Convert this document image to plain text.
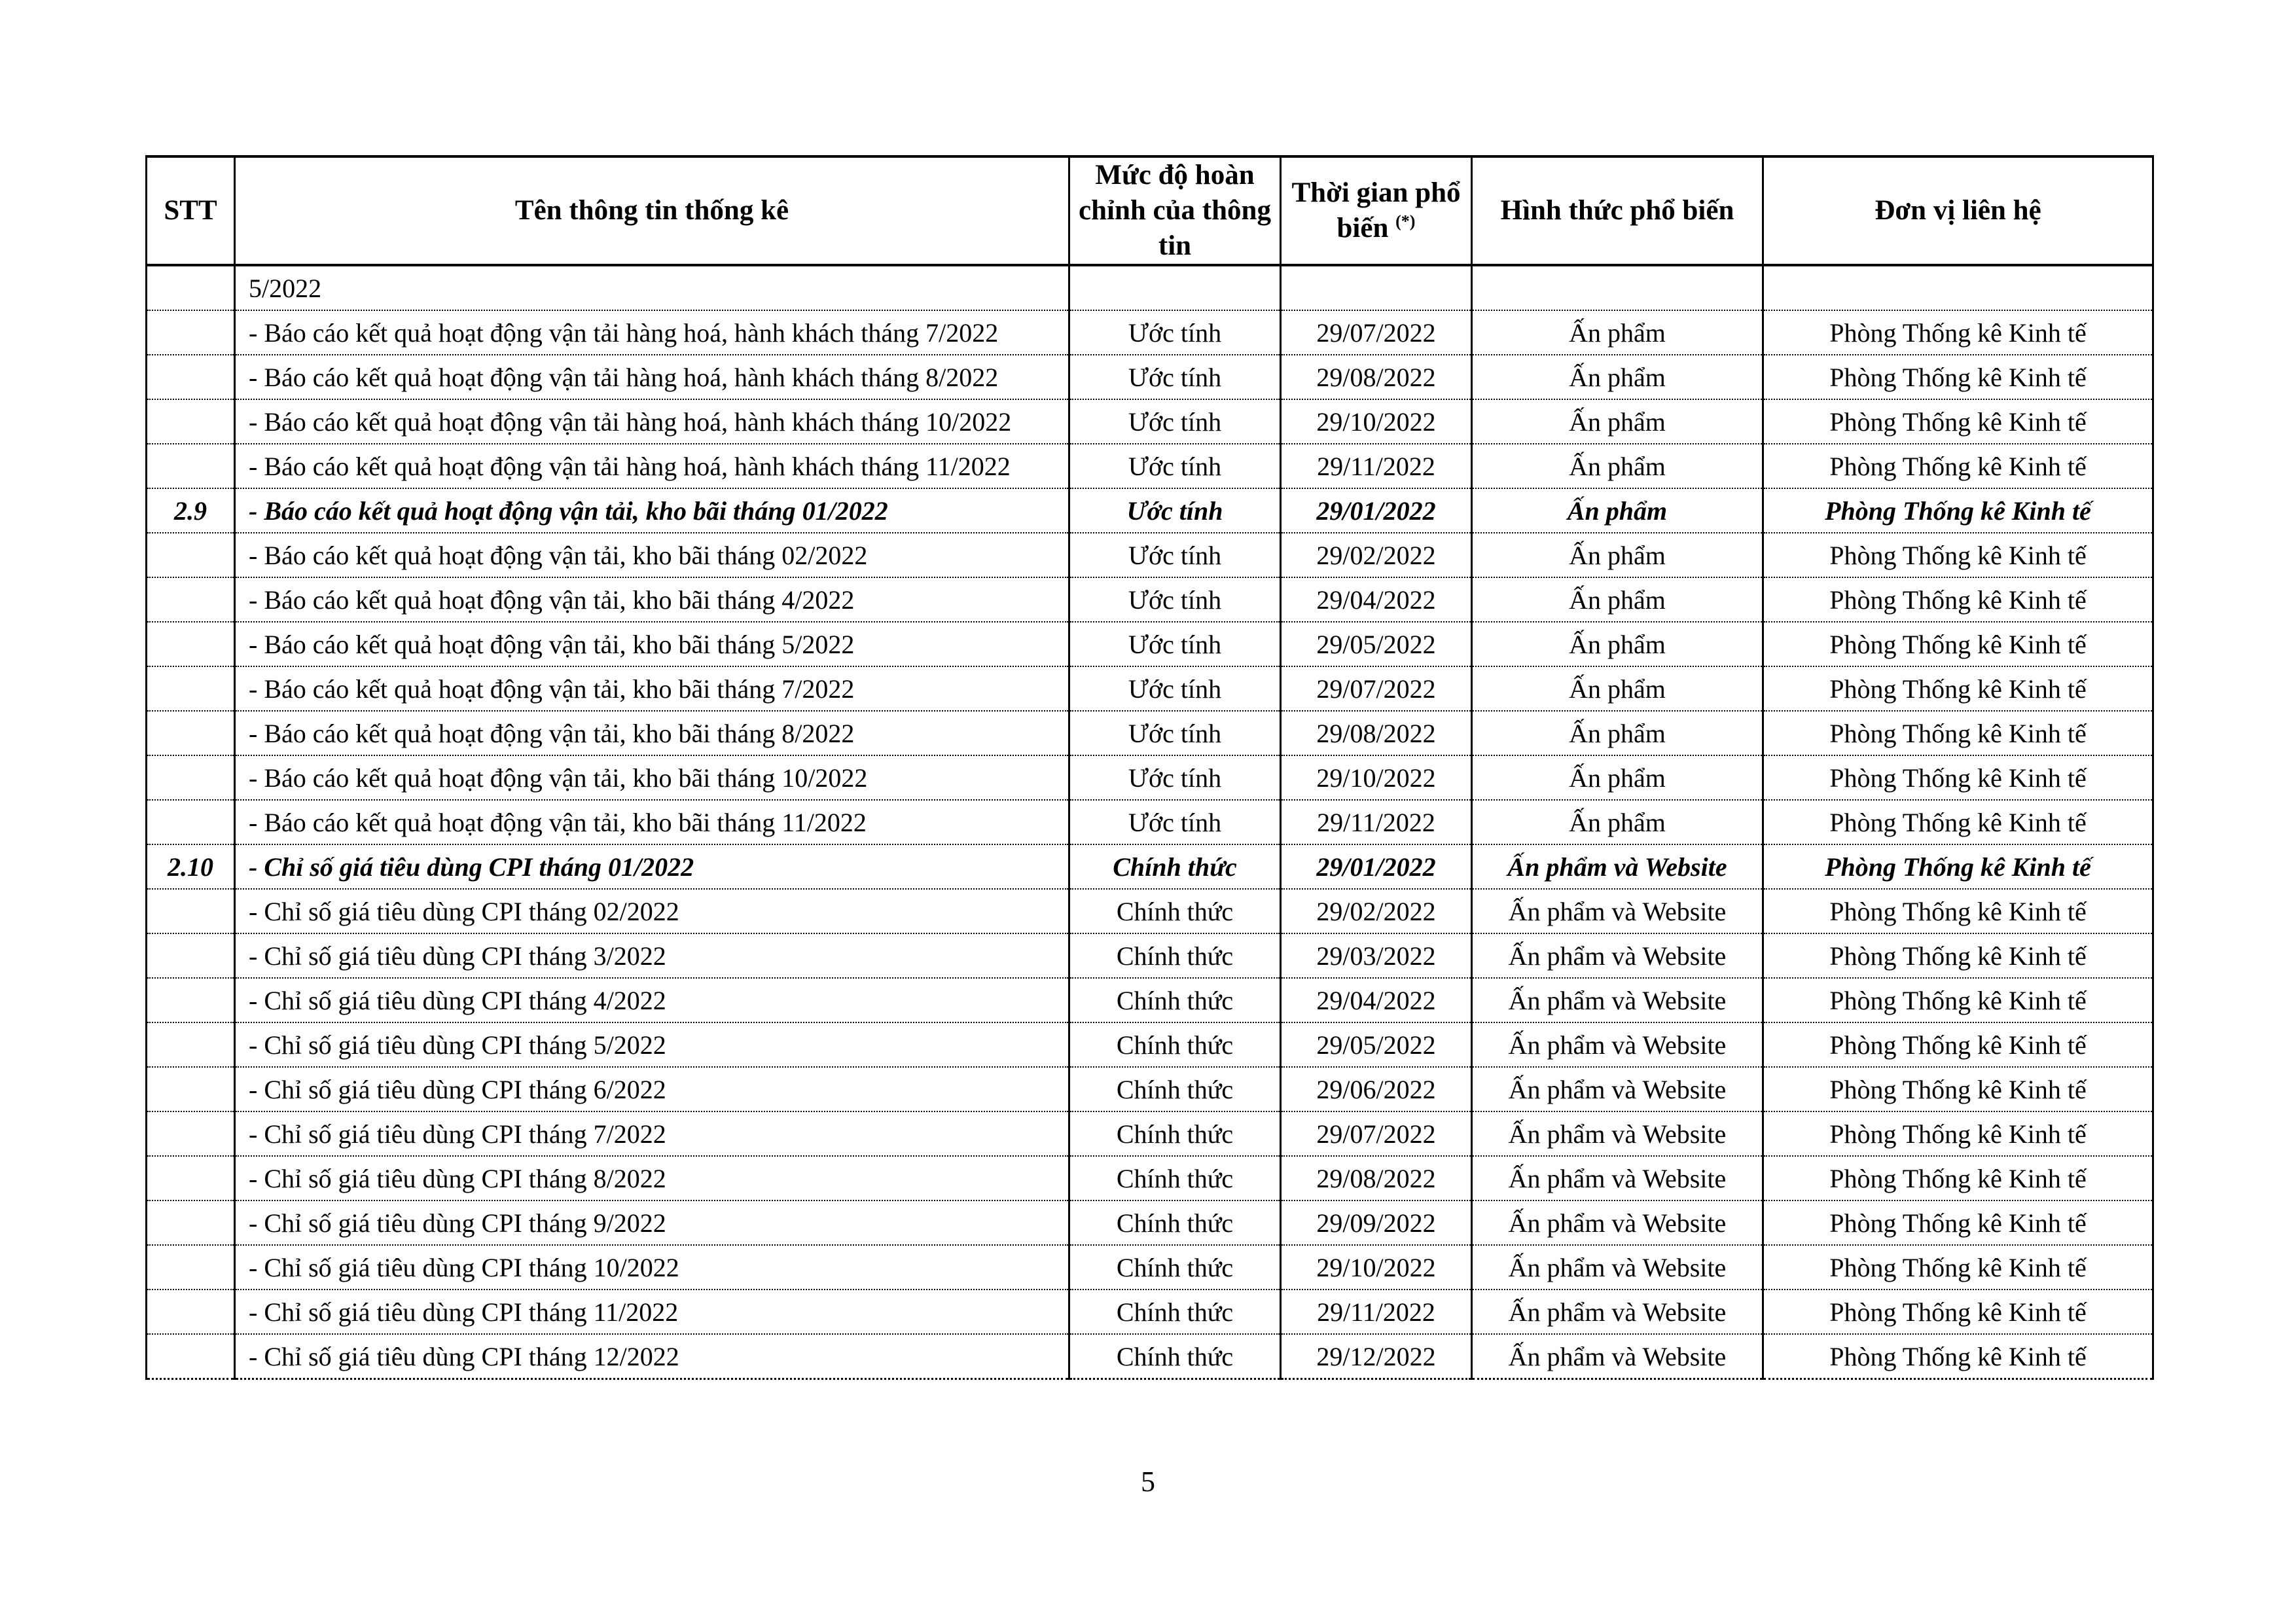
STT	Tên thông tin thống kê	Mức độ hoàn chỉnh của thông tin	Thời gian phổ biến (*)	Hình thức phổ biến	Đơn vị liên hệ
	5/2022				
	- Báo cáo kết quả hoạt động vận tải hàng hoá, hành khách tháng 7/2022	Ước tính	29/07/2022	Ấn phẩm	Phòng Thống kê Kinh tế
	- Báo cáo kết quả hoạt động vận tải hàng hoá, hành khách tháng 8/2022	Ước tính	29/08/2022	Ấn phẩm	Phòng Thống kê Kinh tế
	- Báo cáo kết quả hoạt động vận tải hàng hoá, hành khách tháng 10/2022	Ước tính	29/10/2022	Ấn phẩm	Phòng Thống kê Kinh tế
	- Báo cáo kết quả hoạt động vận tải hàng hoá, hành khách tháng 11/2022	Ước tính	29/11/2022	Ấn phẩm	Phòng Thống kê Kinh tế
2.9	- Báo cáo kết quả hoạt động vận tải, kho bãi tháng 01/2022	Ước tính	29/01/2022	Ấn phẩm	Phòng Thống kê Kinh tế
	- Báo cáo kết quả hoạt động vận tải, kho bãi tháng 02/2022	Ước tính	29/02/2022	Ấn phẩm	Phòng Thống kê Kinh tế
	- Báo cáo kết quả hoạt động vận tải, kho bãi tháng 4/2022	Ước tính	29/04/2022	Ấn phẩm	Phòng Thống kê Kinh tế
	- Báo cáo kết quả hoạt động vận tải, kho bãi tháng 5/2022	Ước tính	29/05/2022	Ấn phẩm	Phòng Thống kê Kinh tế
	- Báo cáo kết quả hoạt động vận tải, kho bãi tháng 7/2022	Ước tính	29/07/2022	Ấn phẩm	Phòng Thống kê Kinh tế
	- Báo cáo kết quả hoạt động vận tải, kho bãi tháng 8/2022	Ước tính	29/08/2022	Ấn phẩm	Phòng Thống kê Kinh tế
	- Báo cáo kết quả hoạt động vận tải, kho bãi tháng 10/2022	Ước tính	29/10/2022	Ấn phẩm	Phòng Thống kê Kinh tế
	- Báo cáo kết quả hoạt động vận tải, kho bãi tháng 11/2022	Ước tính	29/11/2022	Ấn phẩm	Phòng Thống kê Kinh tế
2.10	- Chỉ số giá tiêu dùng CPI tháng 01/2022	Chính thức	29/01/2022	Ấn phẩm và Website	Phòng Thống kê Kinh tế
	- Chỉ số giá tiêu dùng CPI tháng 02/2022	Chính thức	29/02/2022	Ấn phẩm và Website	Phòng Thống kê Kinh tế
	- Chỉ số giá tiêu dùng CPI tháng 3/2022	Chính thức	29/03/2022	Ấn phẩm và Website	Phòng Thống kê Kinh tế
	- Chỉ số giá tiêu dùng CPI tháng 4/2022	Chính thức	29/04/2022	Ấn phẩm và Website	Phòng Thống kê Kinh tế
	- Chỉ số giá tiêu dùng CPI tháng 5/2022	Chính thức	29/05/2022	Ấn phẩm và Website	Phòng Thống kê Kinh tế
	- Chỉ số giá tiêu dùng CPI tháng 6/2022	Chính thức	29/06/2022	Ấn phẩm và Website	Phòng Thống kê Kinh tế
	- Chỉ số giá tiêu dùng CPI tháng 7/2022	Chính thức	29/07/2022	Ấn phẩm và Website	Phòng Thống kê Kinh tế
	- Chỉ số giá tiêu dùng CPI tháng 8/2022	Chính thức	29/08/2022	Ấn phẩm và Website	Phòng Thống kê Kinh tế
	- Chỉ số giá tiêu dùng CPI tháng 9/2022	Chính thức	29/09/2022	Ấn phẩm và Website	Phòng Thống kê Kinh tế
	- Chỉ số giá tiêu dùng CPI tháng 10/2022	Chính thức	29/10/2022	Ấn phẩm và Website	Phòng Thống kê Kinh tế
	- Chỉ số giá tiêu dùng CPI tháng 11/2022	Chính thức	29/11/2022	Ấn phẩm và Website	Phòng Thống kê Kinh tế
	- Chỉ số giá tiêu dùng CPI tháng 12/2022	Chính thức	29/12/2022	Ấn phẩm và Website	Phòng Thống kê Kinh tế
5
